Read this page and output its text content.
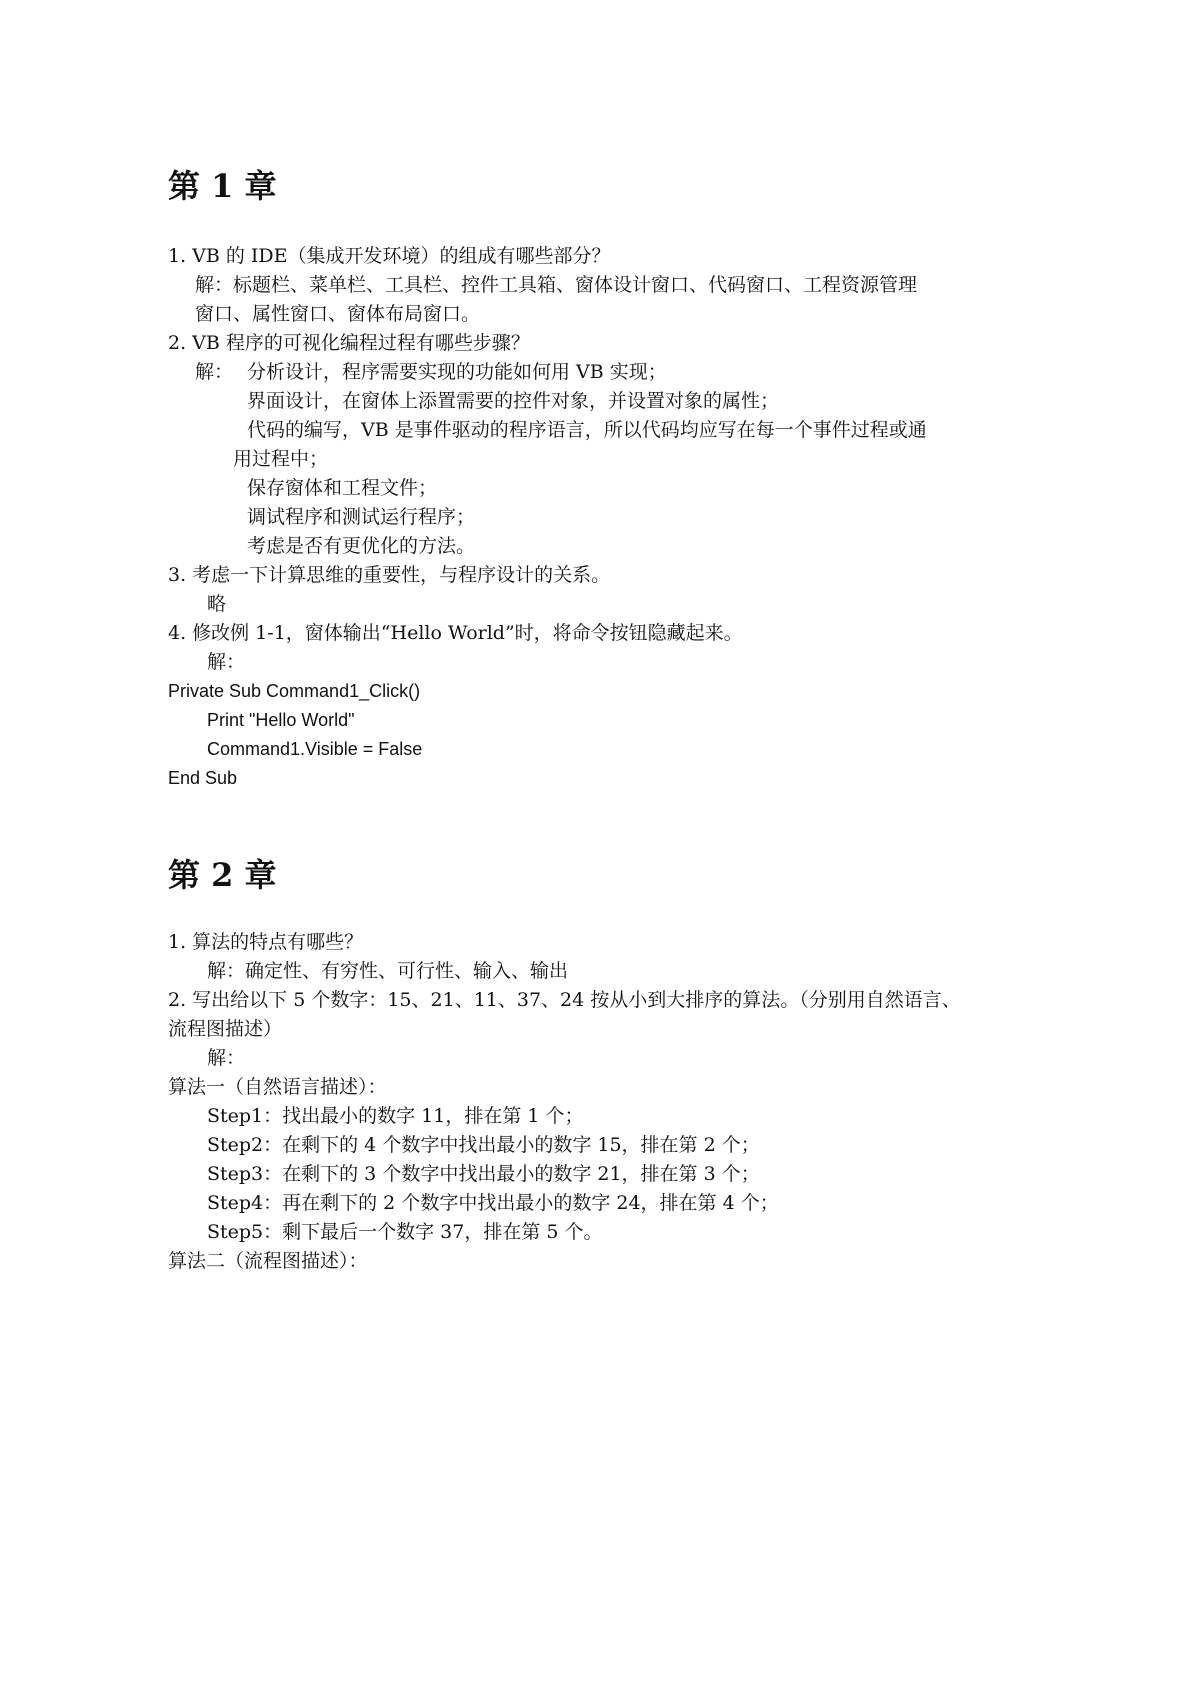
第 1 章
1. VB 的 IDE（集成开发环境）的组成有哪些部分？
解：标题栏、菜单栏、工具栏、控件工具箱、窗体设计窗口、代码窗口、工程资源管理
窗口、属性窗口、窗体布局窗口。
2. VB 程序的可视化编程过程有哪些步骤？
解： 分析设计，程序需要实现的功能如何用 VB 实现；
界面设计，在窗体上添置需要的控件对象，并设置对象的属性；
代码的编写，VB 是事件驱动的程序语言，所以代码均应写在每一个事件过程或通
用过程中；
保存窗体和工程文件；
调试程序和测试运行程序；
考虑是否有更优化的方法。
3. 考虑一下计算思维的重要性，与程序设计的关系。
略
4. 修改例 1-1，窗体输出“Hello World”时，将命令按钮隐藏起来。
解：
Private Sub Command1_Click()
Print "Hello World"
Command1.Visible = False
End Sub
第 2 章
1. 算法的特点有哪些？
解：确定性、有穷性、可行性、输入、输出
2. 写出给以下 5 个数字：15、21、11、37、24 按从小到大排序的算法。（分别用自然语言、
流程图描述）
解：
算法一（自然语言描述）：
Step1：找出最小的数字 11，排在第 1 个；
Step2：在剩下的 4 个数字中找出最小的数字 15，排在第 2 个；
Step3：在剩下的 3 个数字中找出最小的数字 21，排在第 3 个；
Step4：再在剩下的 2 个数字中找出最小的数字 24，排在第 4 个；
Step5：剩下最后一个数字 37，排在第 5 个。
算法二（流程图描述）：
